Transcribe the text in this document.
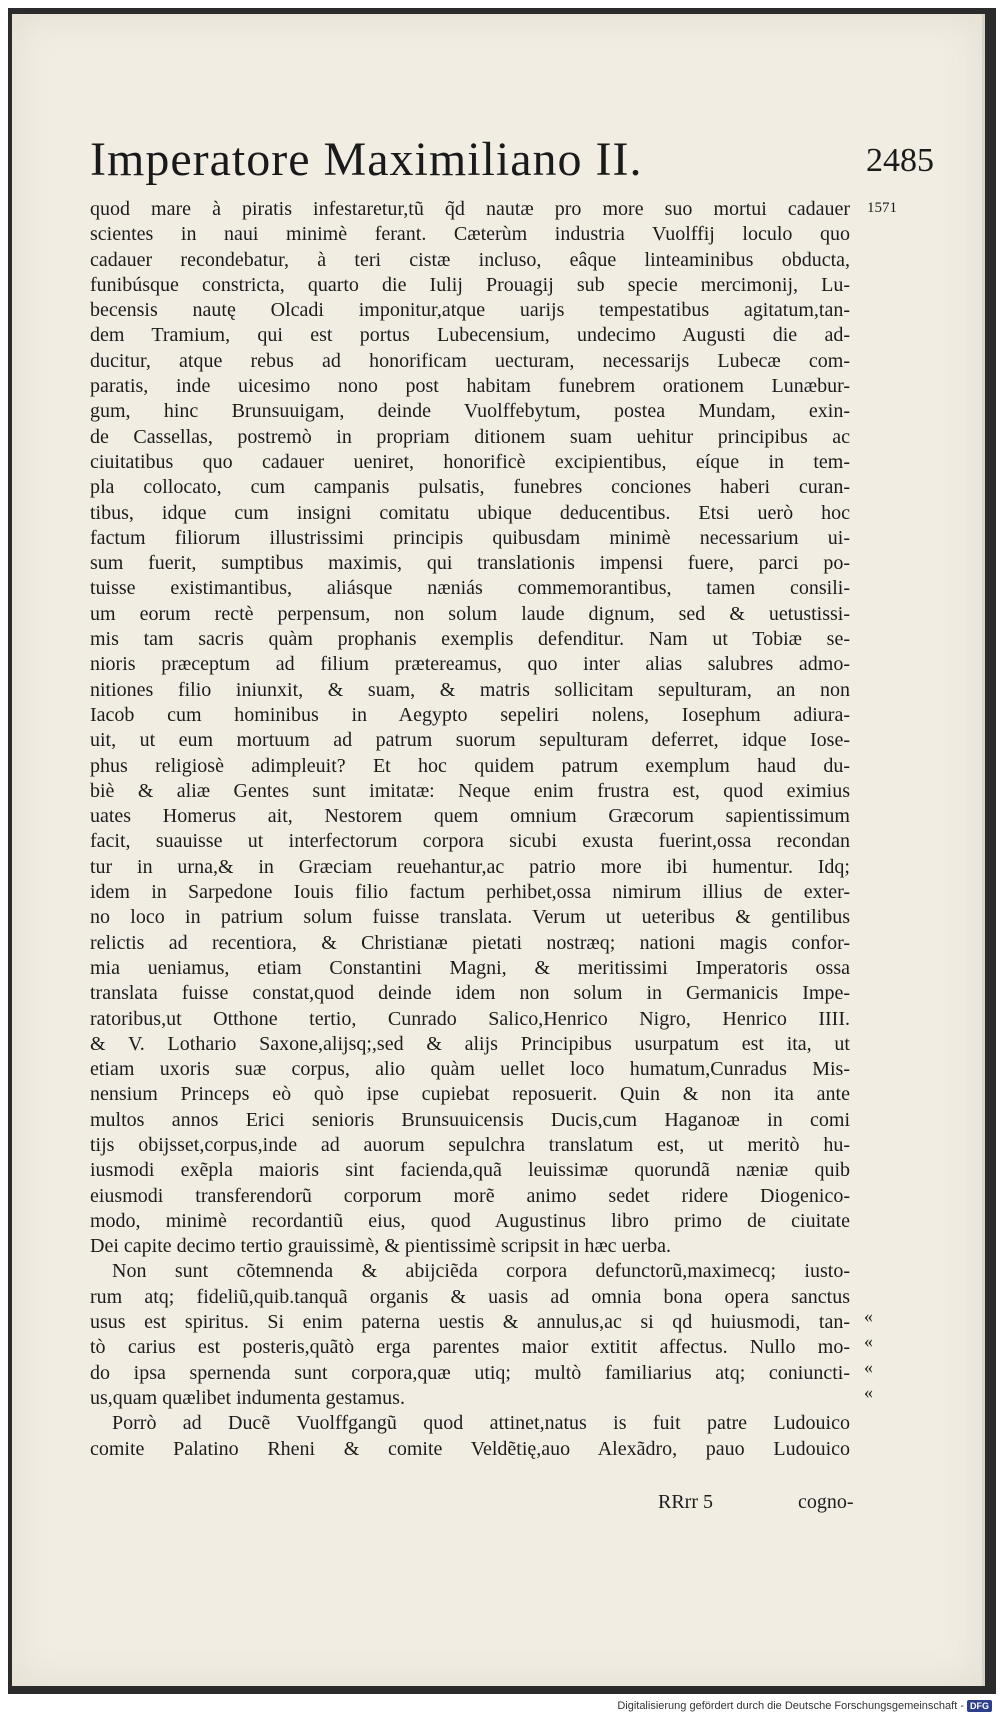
Imperatore Maximiliano II.	2485
1571
quod mare à piratis infestaretur,tũ q̃d nautæ pro more suo mortui cadauer
scientes in naui minimè ferant. Cæterùm industria Vuolffij loculo quo
cadauer recondebatur, à teri cistæ incluso, eâque linteaminibus obducta,
funibúsque constricta, quarto die Iulij Prouagij sub specie mercimonij, Lu-
becensis nautę Olcadi imponitur,atque uarijs tempestatibus agitatum,tan-
dem Tramium, qui est portus Lubecensium, undecimo Augusti die ad-
ducitur, atque rebus ad honorificam uecturam, necessarijs Lubecæ com-
paratis, inde uicesimo nono post habitam funebrem orationem Lunæbur-
gum, hinc Brunsuuigam, deinde Vuolffebytum, postea Mundam, exin-
de Cassellas, postremò in propriam ditionem suam uehitur principibus ac
ciuitatibus quo cadauer ueniret, honorificè excipientibus, eíque in tem-
pla collocato, cum campanis pulsatis, funebres conciones haberi curan-
tibus, idque cum insigni comitatu ubique deducentibus. Etsi uerò hoc
factum filiorum illustrissimi principis quibusdam minimè necessarium ui-
sum fuerit, sumptibus maximis, qui translationis impensi fuere, parci po-
tuisse existimantibus, aliásque næniás commemorantibus, tamen consili-
um eorum rectè perpensum, non solum laude dignum, sed & uetustissi-
mis tam sacris quàm prophanis exemplis defenditur. Nam ut Tobiæ se-
nioris præceptum ad filium prætereamus, quo inter alias salubres admo-
nitiones filio iniunxit, & suam, & matris sollicitam sepulturam, an non
Iacob cum hominibus in Aegypto sepeliri nolens, Iosephum adiura-
uit, ut eum mortuum ad patrum suorum sepulturam deferret, idque Iose-
phus religiosè adimpleuit? Et hoc quidem patrum exemplum haud du-
biè & aliæ Gentes sunt imitatæ: Neque enim frustra est, quod eximius
uates Homerus ait, Nestorem quem omnium Græcorum sapientissimum
facit, suauisse ut interfectorum corpora sicubi exusta fuerint,ossa recondan
tur in urna,& in Græciam reuehantur,ac patrio more ibi humentur. Idq;
idem in Sarpedone Iouis filio factum perhibet,ossa nimirum illius de exter-
no loco in patrium solum fuisse translata. Verum ut ueteribus & gentilibus
relictis ad recentiora, & Christianæ pietati nostræq; nationi magis confor-
mia ueniamus, etiam Constantini Magni, & meritissimi Imperatoris ossa
translata fuisse constat,quod deinde idem non solum in Germanicis Impe-
ratoribus,ut Otthone tertio, Cunrado Salico,Henrico Nigro, Henrico IIII.
& V. Lothario Saxone,alijsq;,sed & alijs Principibus usurpatum est ita, ut
etiam uxoris suæ corpus, alio quàm uellet loco humatum,Cunradus Mis-
nensium Princeps eò quò ipse cupiebat reposuerit. Quin & non ita ante
multos annos Erici senioris Brunsuuicensis Ducis,cum Haganoæ in comi
tijs obijsset,corpus,inde ad auorum sepulchra translatum est, ut meritò hu-
iusmodi exẽpla maioris sint facienda,quã leuissimæ quorundã næniæ quib
eiusmodi transferendorũ corporum morẽ animo sedet ridere Diogenico-
modo, minimè recordantiũ eius, quod Augustinus libro primo de ciuitate
Dei capite decimo tertio grauissimè, & pientissimè scripsit in hæc uerba.
Non sunt cõtemnenda & abijciẽda corpora defunctorũ,maximecq; iusto-
rum atq; fideliũ,quib.tanquã organis & uasis ad omnia bona opera sanctus
usus est spiritus. Si enim paterna uestis & annulus,ac si qd huiusmodi, tan-
tò carius est posteris,quãtò erga parentes maior extitit affectus. Nullo mo-
do ipsa spernenda sunt corpora,quæ utiq; multò familiarius atq; coniuncti-
us,quam quælibet indumenta gestamus.
Porrò ad Ducẽ Vuolffgangũ quod attinet,natus is fuit patre Ludouico
comite Palatino Rheni & comite Veldẽtię,auo Alexãdro, pauo Ludouico
«
«
«
«
RRrr 5	cogno-
Digitalisierung gefördert durch die Deutsche Forschungsgemeinschaft - DFG
